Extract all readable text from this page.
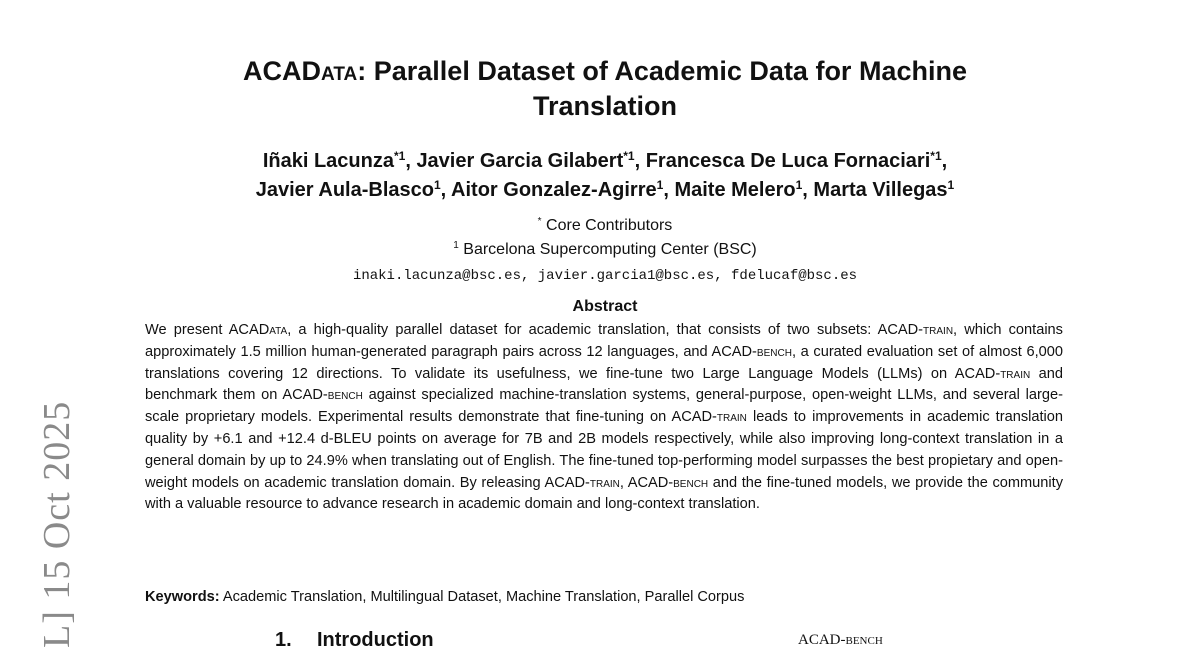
L] 15 Oct 2025
ACAData: Parallel Dataset of Academic Data for Machine
Translation
Iñaki Lacunza$^{*1}$, Javier Garcia Gilabert$^{*1}$, Francesca De Luca Fornaciari$^{*1}$,
Javier Aula-Blasco$^1$, Aitor Gonzalez-Agirre$^1$, Maite Melero$^1$, Marta Villegas$^1$
* Core Contributors
$^1$ Barcelona Supercomputing Center (BSC)
inaki.lacunza@bsc.es, javier.garcia1@bsc.es, fdelucaf@bsc.es
Abstract
We present ACAData, a high-quality parallel dataset for academic translation, that consists of two subsets: ACAD-train, which contains approximately 1.5 million human-generated paragraph pairs across 12 languages, and ACAD-bench, a curated evaluation set of almost 6,000 translations covering 12 directions. To validate its usefulness, we fine-tune two Large Language Models (LLMs) on ACAD-train and benchmark them on ACAD-bench against specialized machine-translation systems, general-purpose, open-weight LLMs, and several large-scale proprietary models. Experimental results demonstrate that fine-tuning on ACAD-train leads to improvements in academic translation quality by +6.1 and +12.4 d-BLEU points on average for 7B and 2B models respectively, while also improving long-context translation in a general domain by up to 24.9% when translating out of English. The fine-tuned top-performing model surpasses the best propietary and open-weight models on academic translation domain. By releasing ACAD-train, ACAD-bench and the fine-tuned models, we provide the community with a valuable resource to advance research in academic domain and long-context translation.
Keywords: Academic Translation, Multilingual Dataset, Machine Translation, Parallel Corpus
1. Introduction	ACAD-bench
